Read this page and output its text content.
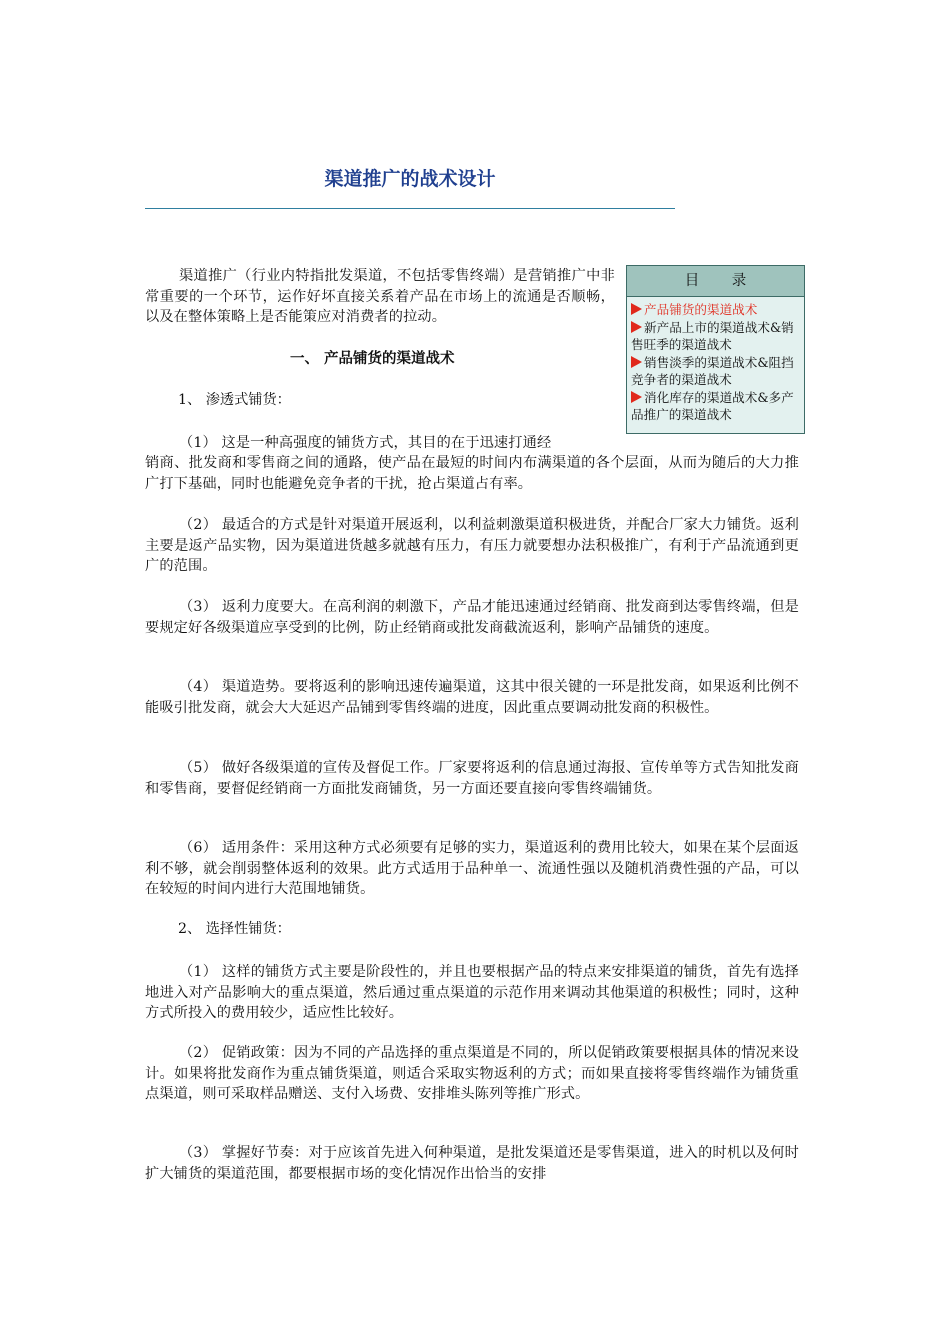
渠道推广的战术设计

渠道推广（行业内特指批发渠道，不包括零售终端）是营销推广中非常重要的一个环节，运作好坏直接关系着产品在市场上的流通是否顺畅，以及在整体策略上是否能策应对消费者的拉动。

目 录
产品铺货的渠道战术
新产品上市的渠道战术&销售旺季的渠道战术
销售淡季的渠道战术&阻挡竞争者的渠道战术
消化库存的渠道战术&多产品推广的渠道战术
一、 产品铺货的渠道战术

1、 渗透式铺货：

（1） 这是一种高强度的铺货方式，其目的在于迅速打通经

销商、批发商和零售商之间的通路，使产品在最短的时间内布满渠道的各个层面，从而为随后的大力推广打下基础，同时也能避免竞争者的干扰，抢占渠道占有率。

（2） 最适合的方式是针对渠道开展返利，以利益刺激渠道积极进货，并配合厂家大力铺货。返利主要是返产品实物，因为渠道进货越多就越有压力，有压力就要想办法积极推广，有利于产品流通到更广的范围。

（3） 返利力度要大。在高利润的刺激下，产品才能迅速通过经销商、批发商到达零售终端，但是要规定好各级渠道应享受到的比例，防止经销商或批发商截流返利，影响产品铺货的速度。

（4） 渠道造势。要将返利的影响迅速传遍渠道，这其中很关键的一环是批发商，如果返利比例不能吸引批发商，就会大大延迟产品铺到零售终端的进度，因此重点要调动批发商的积极性。

（5） 做好各级渠道的宣传及督促工作。厂家要将返利的信息通过海报、宣传单等方式告知批发商和零售商，要督促经销商一方面批发商铺货，另一方面还要直接向零售终端铺货。

（6） 适用条件：采用这种方式必须要有足够的实力，渠道返利的费用比较大，如果在某个层面返利不够，就会削弱整体返利的效果。此方式适用于品种单一、流通性强以及随机消费性强的产品，可以在较短的时间内进行大范围地铺货。

2、 选择性铺货：

（1） 这样的铺货方式主要是阶段性的，并且也要根据产品的特点来安排渠道的铺货，首先有选择地进入对产品影响大的重点渠道，然后通过重点渠道的示范作用来调动其他渠道的积极性；同时，这种方式所投入的费用较少，适应性比较好。

（2） 促销政策：因为不同的产品选择的重点渠道是不同的，所以促销政策要根据具体的情况来设计。如果将批发商作为重点铺货渠道，则适合采取实物返利的方式；而如果直接将零售终端作为铺货重点渠道，则可采取样品赠送、支付入场费、安排堆头陈列等推广形式。

（3） 掌握好节奏：对于应该首先进入何种渠道，是批发渠道还是零售渠道，进入的时机以及何时扩大铺货的渠道范围，都要根据市场的变化情况作出恰当的安排
